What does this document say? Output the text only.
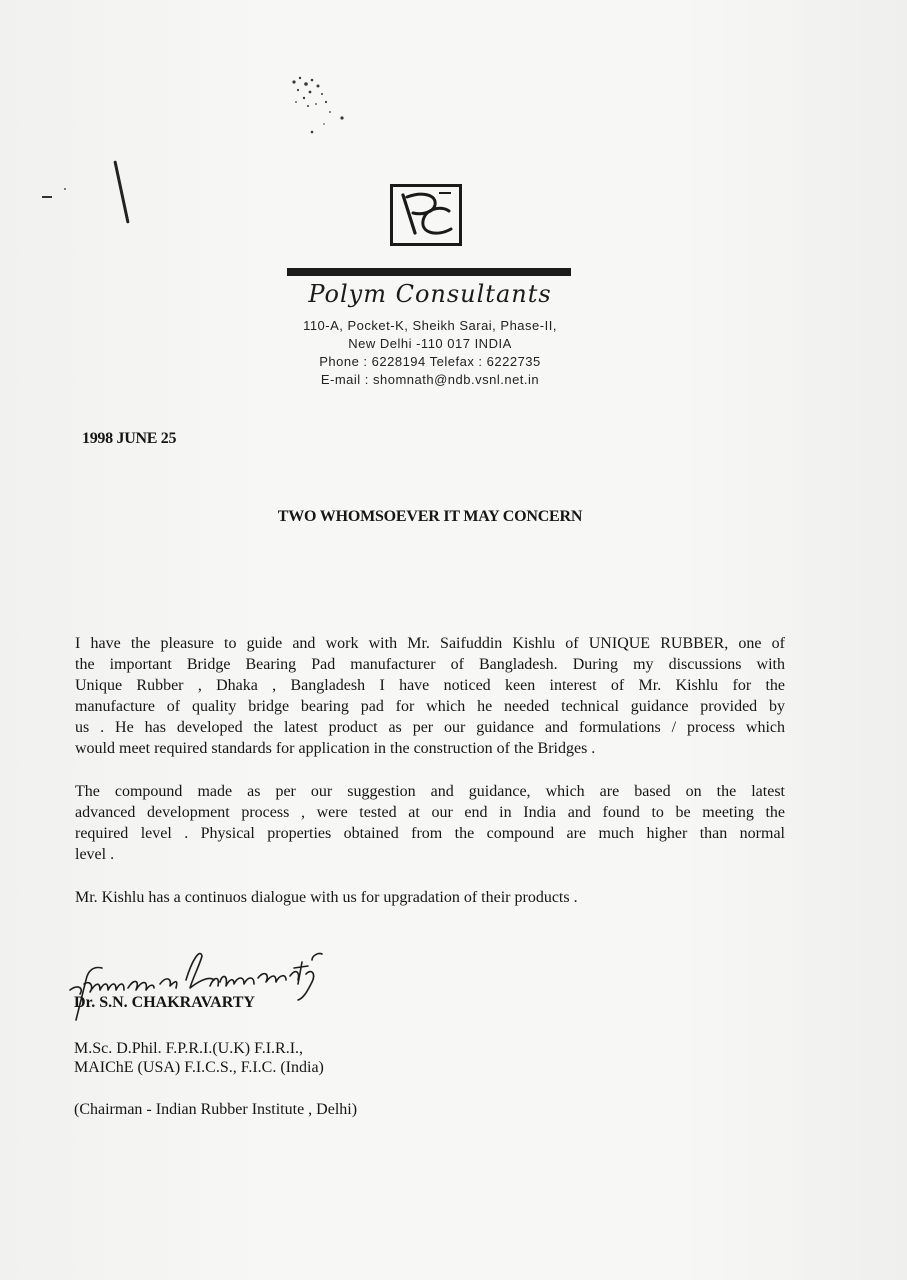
Polym Consultants
110-A, Pocket-K, Sheikh Sarai, Phase-II,
New Delhi -110 017 INDIA
Phone : 6228194 Telefax : 6222735
E-mail : shomnath@ndb.vsnl.net.in
1998 JUNE 25
TWO WHOMSOEVER IT MAY CONCERN
I have the pleasure to guide and work with Mr. Saifuddin Kishlu of UNIQUE RUBBER, one of
the important Bridge Bearing Pad manufacturer of Bangladesh. During my discussions with
Unique Rubber , Dhaka , Bangladesh I have noticed keen interest of Mr. Kishlu for the
manufacture of quality bridge bearing pad for which he needed technical guidance provided by
us . He has developed the latest product as per our guidance and formulations / process which
would meet required standards for application in the construction of the Bridges .
The compound made as per our suggestion and guidance, which are based on the latest
advanced development process , were tested at our end in India and found to be meeting the
required level . Physical properties obtained from the compound are much higher than normal
level .
Mr. Kishlu has a continuos dialogue with us for upgradation of their products .
Dr. S.N. CHAKRAVARTY
M.Sc. D.Phil. F.P.R.I.(U.K) F.I.R.I.,
MAIChE (USA) F.I.C.S., F.I.C. (India)
(Chairman - Indian Rubber Institute , Delhi)
